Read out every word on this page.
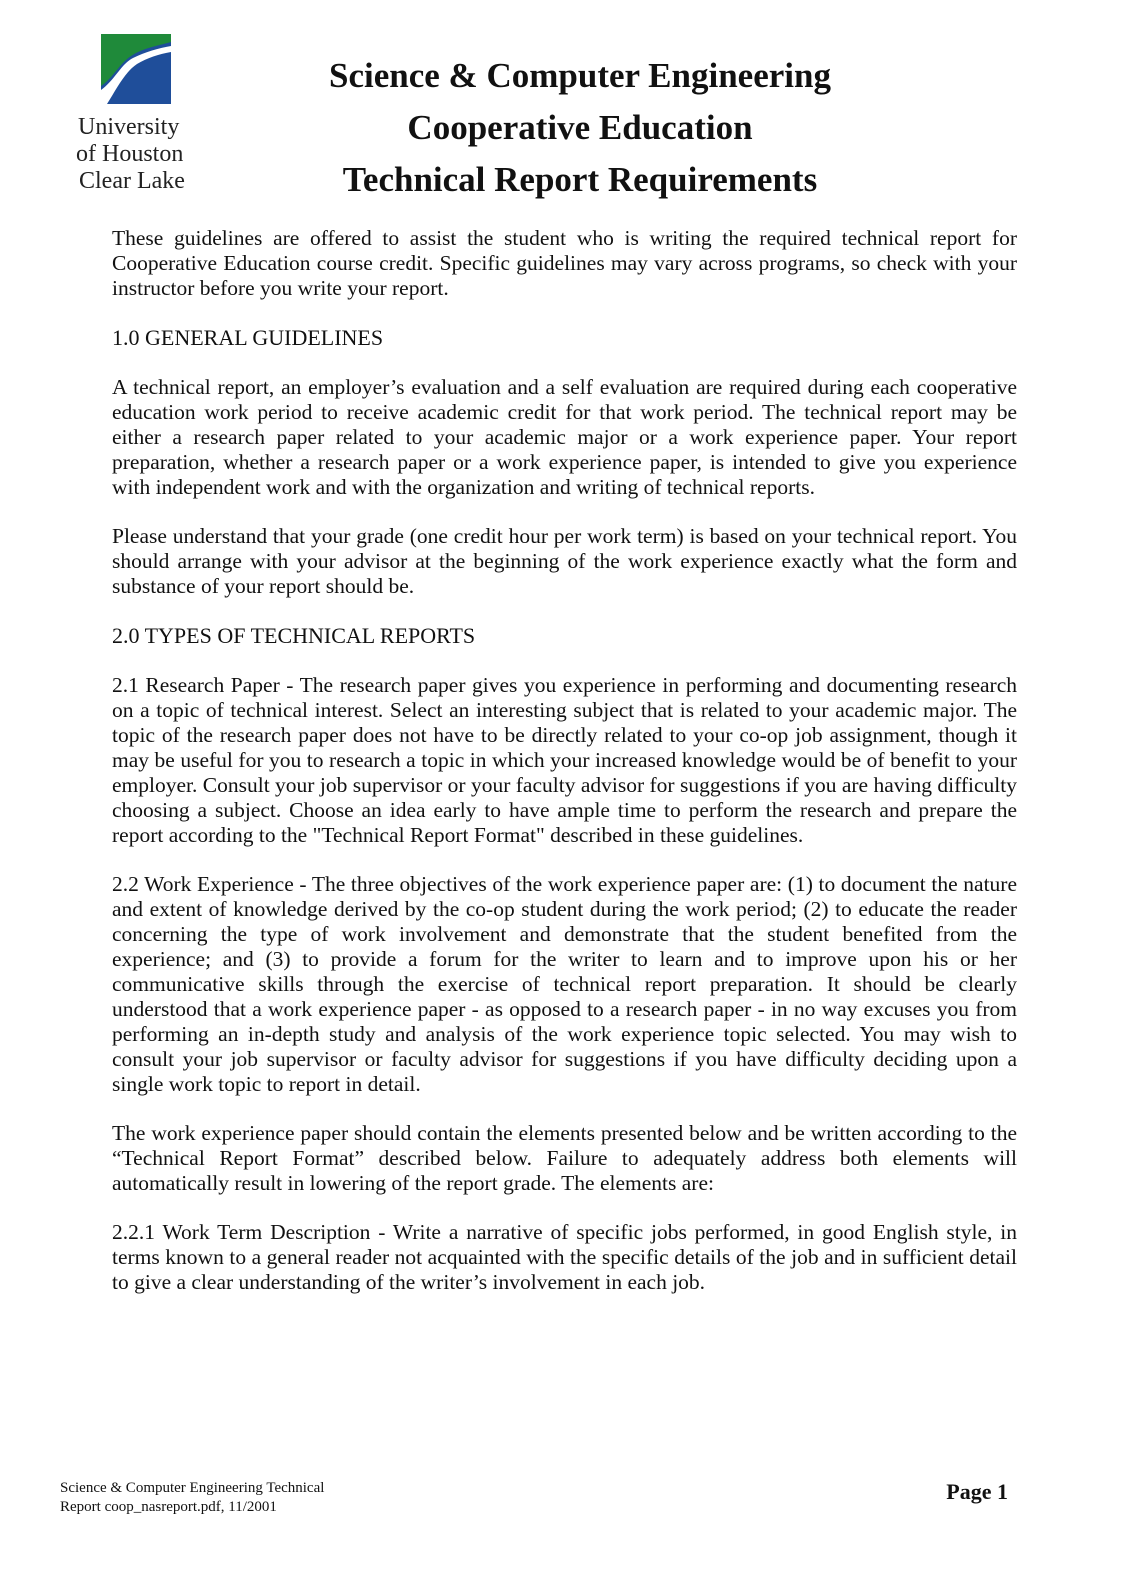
University
of Houston
Clear Lake
Science & Computer Engineering
Cooperative Education
Technical Report Requirements

These guidelines are offered to assist the student who is writing the required technical report for Cooperative Education course credit. Specific guidelines may vary across programs, so check with your instructor before you write your report.

1.0 GENERAL GUIDELINES

A technical report, an employer’s evaluation and a self evaluation are required during each cooperative education work period to receive academic credit for that work period. The technical report may be either a research paper related to your academic major or a work experience paper. Your report preparation, whether a research paper or a work experience paper, is intended to give you experience with independent work and with the organization and writing of technical reports.

Please understand that your grade (one credit hour per work term) is based on your technical report. You should arrange with your advisor at the beginning of the work experience exactly what the form and substance of your report should be.

2.0 TYPES OF TECHNICAL REPORTS

2.1 Research Paper - The research paper gives you experience in performing and documenting research on a topic of technical interest. Select an interesting subject that is related to your academic major. The topic of the research paper does not have to be directly related to your co-op job assignment, though it may be useful for you to research a topic in which your increased knowledge would be of benefit to your employer. Consult your job supervisor or your faculty advisor for suggestions if you are having difficulty choosing a subject. Choose an idea early to have ample time to perform the research and prepare the report according to the "Technical Report Format" described in these guidelines.

2.2 Work Experience - The three objectives of the work experience paper are: (1) to document the nature and extent of knowledge derived by the co-op student during the work period; (2) to educate the reader concerning the type of work involvement and demonstrate that the student benefited from the experience; and (3) to provide a forum for the writer to learn and to improve upon his or her communicative skills through the exercise of technical report preparation. It should be clearly understood that a work experience paper - as opposed to a research paper - in no way excuses you from performing an in-depth study and analysis of the work experience topic selected. You may wish to consult your job supervisor or faculty advisor for suggestions if you have difficulty deciding upon a single work topic to report in detail.

The work experience paper should contain the elements presented below and be written according to the “Technical Report Format” described below. Failure to adequately address both elements will automatically result in lowering of the report grade. The elements are:

2.2.1 Work Term Description - Write a narrative of specific jobs performed, in good English style, in terms known to a general reader not acquainted with the specific details of the job and in sufficient detail to give a clear understanding of the writer’s involvement in each job.

Science & Computer Engineering Technical
Report coop_nasreport.pdf, 11/2001
Page 1
